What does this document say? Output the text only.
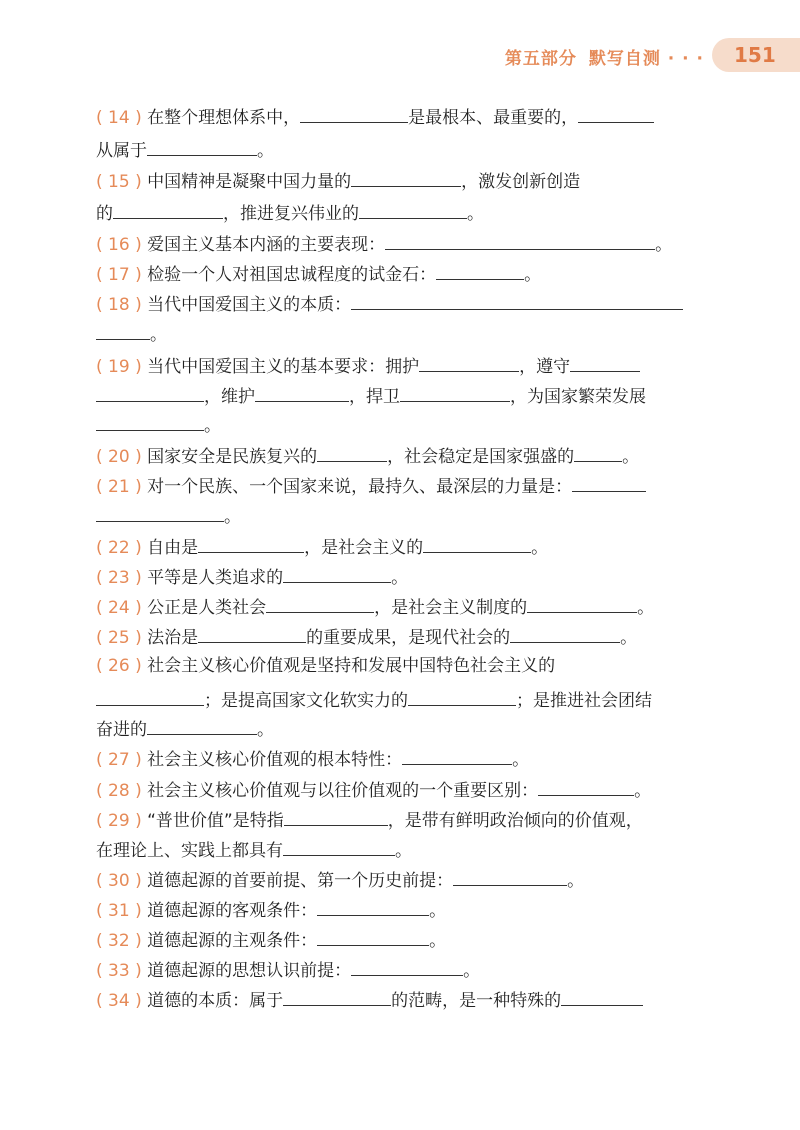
第五部分 默写自测 · · ·	151
( 14 ) 在整个理想体系中，	是最根本、最重要的，
从属于	。
( 15 ) 中国精神是凝聚中国力量的	，激发创新创造
的	，推进复兴伟业的	。
( 16 ) 爱国主义基本内涵的主要表现：	。
( 17 ) 检验一个人对祖国忠诚程度的试金石：	。
( 18 ) 当代中国爱国主义的本质：
。
( 19 ) 当代中国爱国主义的基本要求：拥护	，遵守
，维护	，捍卫	，为国家繁荣发展
。
( 20 ) 国家安全是民族复兴的	，社会稳定是国家强盛的	。
( 21 ) 对一个民族、一个国家来说，最持久、最深层的力量是：
。
( 22 ) 自由是	，是社会主义的	。
( 23 ) 平等是人类追求的	。
( 24 ) 公正是人类社会	，是社会主义制度的	。
( 25 ) 法治是	的重要成果，是现代社会的	。
( 26 ) 社会主义核心价值观是坚持和发展中国特色社会主义的
；是提高国家文化软实力的	；是推进社会团结
奋进的	。
( 27 ) 社会主义核心价值观的根本特性：	。
( 28 ) 社会主义核心价值观与以往价值观的一个重要区别：	。
( 29 ) “普世价值”是特指	，是带有鲜明政治倾向的价值观，
在理论上、实践上都具有	。
( 30 ) 道德起源的首要前提、第一个历史前提：	。
( 31 ) 道德起源的客观条件：	。
( 32 ) 道德起源的主观条件：	。
( 33 ) 道德起源的思想认识前提：	。
( 34 ) 道德的本质：属于	的范畴，是一种特殊的
